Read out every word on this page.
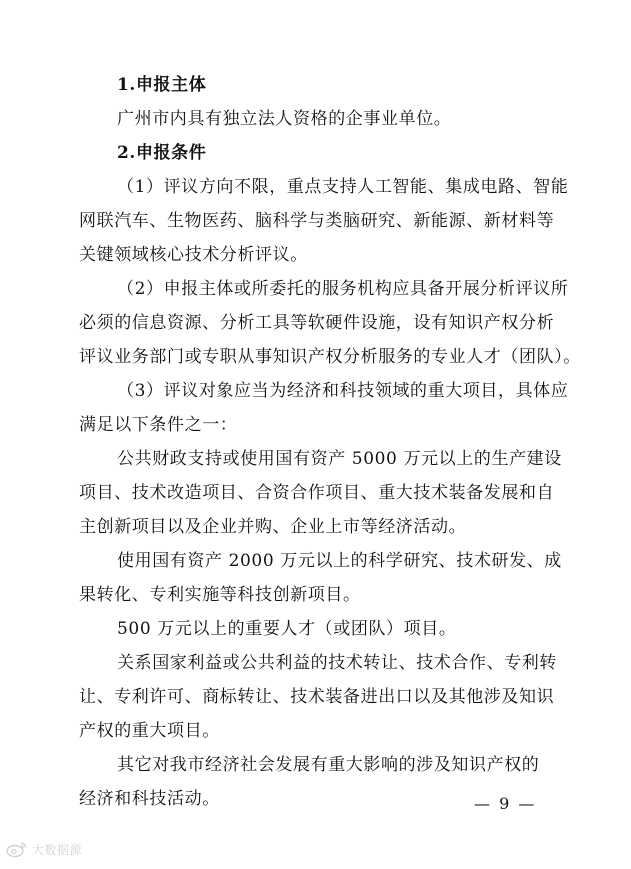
1.申报主体
广州市内具有独立法人资格的企事业单位。
2.申报条件
（1）评议方向不限，重点支持人工智能、集成电路、智能
网联汽车、生物医药、脑科学与类脑研究、新能源、新材料等
关键领域核心技术分析评议。
（2）申报主体或所委托的服务机构应具备开展分析评议所
必须的信息资源、分析工具等软硬件设施，设有知识产权分析
评议业务部门或专职从事知识产权分析服务的专业人才（团队）。
（3）评议对象应当为经济和科技领域的重大项目，具体应
满足以下条件之一：
公共财政支持或使用国有资产 5000 万元以上的生产建设
项目、技术改造项目、合资合作项目、重大技术装备发展和自
主创新项目以及企业并购、企业上市等经济活动。
使用国有资产 2000 万元以上的科学研究、技术研发、成
果转化、专利实施等科技创新项目。
500 万元以上的重要人才（或团队）项目。
关系国家利益或公共利益的技术转让、技术合作、专利转
让、专利许可、商标转让、技术装备进出口以及其他涉及知识
产权的重大项目。
其它对我市经济社会发展有重大影响的涉及知识产权的
经济和科技活动。	— 9 —
大数据源
